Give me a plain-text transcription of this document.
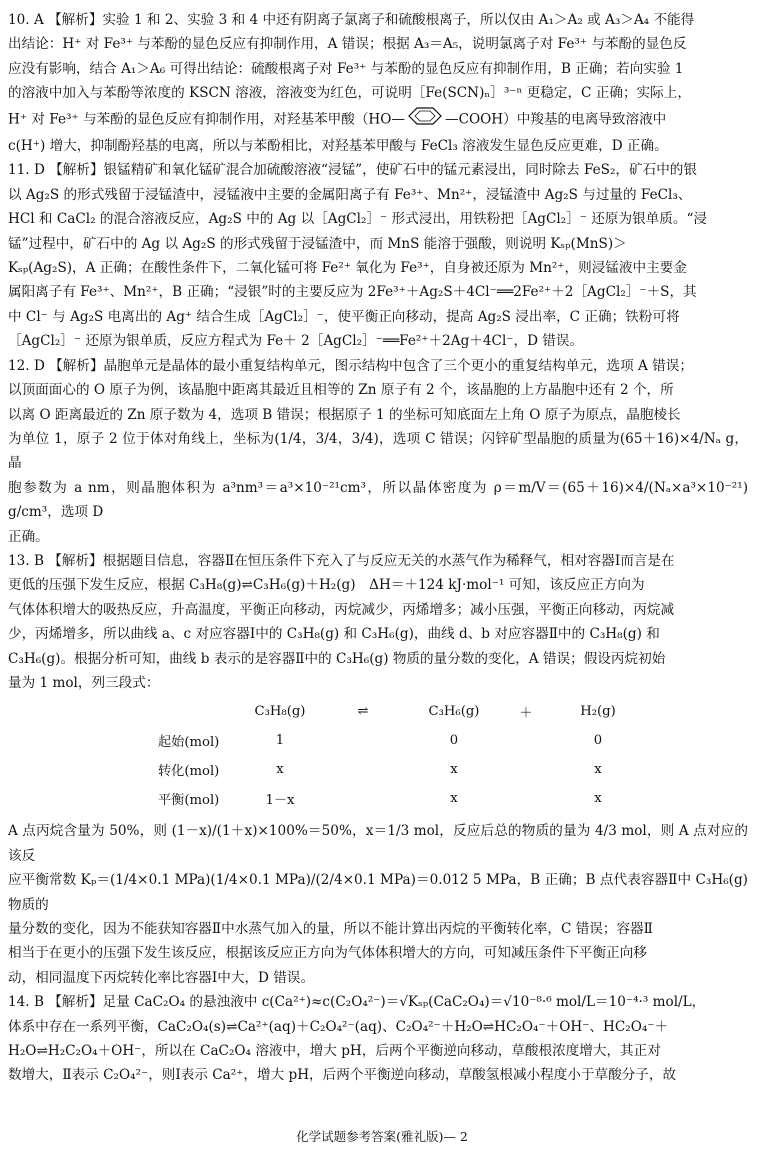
10. A 【解析】实验 1 和 2、实验 3 和 4 中还有阴离子氯离子和硫酸根离子，所以仅由 A₁＞A₂ 或 A₃＞A₄ 不能得

出结论：H⁺ 对 Fe³⁺ 与苯酚的显色反应有抑制作用，A 错误；根据 A₃＝A₅，说明氯离子对 Fe³⁺ 与苯酚的显色反

应没有影响，结合 A₁＞A₆ 可得出结论：硫酸根离子对 Fe³⁺ 与苯酚的显色反应有抑制作用，B 正确；若向实验 1

的溶液中加入与苯酚等浓度的 KSCN 溶液，溶液变为红色，可说明［Fe(SCN)ₙ］³⁻ⁿ 更稳定，C 正确；实际上，

H⁺ 对 Fe³⁺ 与苯酚的显色反应有抑制作用，对羟基苯甲酸（HO—	—COOH）中羧基的电离导致溶液中

c(H⁺) 增大，抑制酚羟基的电离，所以与苯酚相比，对羟基苯甲酸与 FeCl₃ 溶液发生显色反应更难，D 正确。

11. D 【解析】银锰精矿和氧化锰矿混合加硫酸溶液“浸锰”，使矿石中的锰元素浸出，同时除去 FeS₂，矿石中的银

以 Ag₂S 的形式残留于浸锰渣中，浸锰液中主要的金属阳离子有 Fe³⁺、Mn²⁺，浸锰渣中 Ag₂S 与过量的 FeCl₃、

HCl 和 CaCl₂ 的混合溶液反应，Ag₂S 中的 Ag 以［AgCl₂］⁻ 形式浸出，用铁粉把［AgCl₂］⁻ 还原为银单质。“浸

锰”过程中，矿石中的 Ag 以 Ag₂S 的形式残留于浸锰渣中，而 MnS 能溶于强酸，则说明 Kₛₚ(MnS)＞

Kₛₚ(Ag₂S)，A 正确；在酸性条件下，二氧化锰可将 Fe²⁺ 氧化为 Fe³⁺，自身被还原为 Mn²⁺，则浸锰液中主要金

属阳离子有 Fe³⁺、Mn²⁺，B 正确；“浸银”时的主要反应为 2Fe³⁺＋Ag₂S＋4Cl⁻══2Fe²⁺＋2［AgCl₂］⁻＋S，其

中 Cl⁻ 与 Ag₂S 电离出的 Ag⁺ 结合生成［AgCl₂］⁻，使平衡正向移动，提高 Ag₂S 浸出率，C 正确；铁粉可将

［AgCl₂］⁻ 还原为银单质，反应方程式为 Fe＋ 2［AgCl₂］⁻══Fe²⁺＋2Ag＋4Cl⁻，D 错误。

12. D 【解析】晶胞单元是晶体的最小重复结构单元，图示结构中包含了三个更小的重复结构单元，选项 A 错误；

以顶面面心的 O 原子为例，该晶胞中距离其最近且相等的 Zn 原子有 2 个，该晶胞的上方晶胞中还有 2 个，所

以离 O 距离最近的 Zn 原子数为 4，选项 B 错误；根据原子 1 的坐标可知底面左上角 O 原子为原点，晶胞棱长

为单位 1，原子 2 位于体对角线上，坐标为(1/4，3/4，3/4)，选项 C 错误；闪锌矿型晶胞的质量为(65＋16)×4/Nₐ g，晶

胞参数为 a nm，则晶胞体积为 a³nm³＝a³×10⁻²¹cm³，所以晶体密度为 ρ＝m/V＝(65＋16)×4/(Nₐ×a³×10⁻²¹) g/cm³，选项 D

正确。

13. B 【解析】根据题目信息，容器Ⅱ在恒压条件下充入了与反应无关的水蒸气作为稀释气，相对容器Ⅰ而言是在

更低的压强下发生反应，根据 C₃H₈(g)⇌C₃H₆(g)＋H₂(g)　ΔH＝＋124 kJ·mol⁻¹ 可知，该反应正方向为

气体体积增大的吸热反应，升高温度，平衡正向移动，丙烷减少，丙烯增多；减小压强，平衡正向移动，丙烷减

少，丙烯增多，所以曲线 a、c 对应容器Ⅰ中的 C₃H₈(g) 和 C₃H₆(g)，曲线 d、b 对应容器Ⅱ中的 C₃H₈(g) 和

C₃H₆(g)。根据分析可知，曲线 b 表示的是容器Ⅱ中的 C₃H₆(g) 物质的量分数的变化，A 错误；假设丙烷初始

量为 1 mol，列三段式：

C₃H₈(g)	⇌	C₃H₆(g)	＋	H₂(g)
起始(mol)	1	0	0
转化(mol)	x	x	x
平衡(mol)	1－x	x	x

A 点丙烷含量为 50%，则 (1－x)/(1＋x)×100%＝50%，x＝1/3 mol，反应后总的物质的量为 4/3 mol，则 A 点对应的该反

应平衡常数 Kₚ＝(1/4×0.1 MPa)(1/4×0.1 MPa)/(2/4×0.1 MPa)＝0.012 5 MPa，B 正确；B 点代表容器Ⅱ中 C₃H₆(g) 物质的

量分数的变化，因为不能获知容器Ⅱ中水蒸气加入的量，所以不能计算出丙烷的平衡转化率，C 错误；容器Ⅱ

相当于在更小的压强下发生该反应，根据该反应正方向为气体体积增大的方向，可知减压条件下平衡正向移

动，相同温度下丙烷转化率比容器Ⅰ中大，D 错误。

14. B 【解析】足量 CaC₂O₄ 的悬浊液中 c(Ca²⁺)≈c(C₂O₄²⁻)＝√Kₛₚ(CaC₂O₄)＝√10⁻⁸·⁶ mol/L＝10⁻⁴·³ mol/L，

体系中存在一系列平衡，CaC₂O₄(s)⇌Ca²⁺(aq)＋C₂O₄²⁻(aq)、C₂O₄²⁻＋H₂O⇌HC₂O₄⁻＋OH⁻、HC₂O₄⁻＋

H₂O⇌H₂C₂O₄＋OH⁻，所以在 CaC₂O₄ 溶液中，增大 pH，后两个平衡逆向移动，草酸根浓度增大，其正对

数增大，Ⅱ表示 C₂O₄²⁻，则Ⅰ表示 Ca²⁺，增大 pH，后两个平衡逆向移动，草酸氢根减小程度小于草酸分子，故

化学试题参考答案(雅礼版)— 2
